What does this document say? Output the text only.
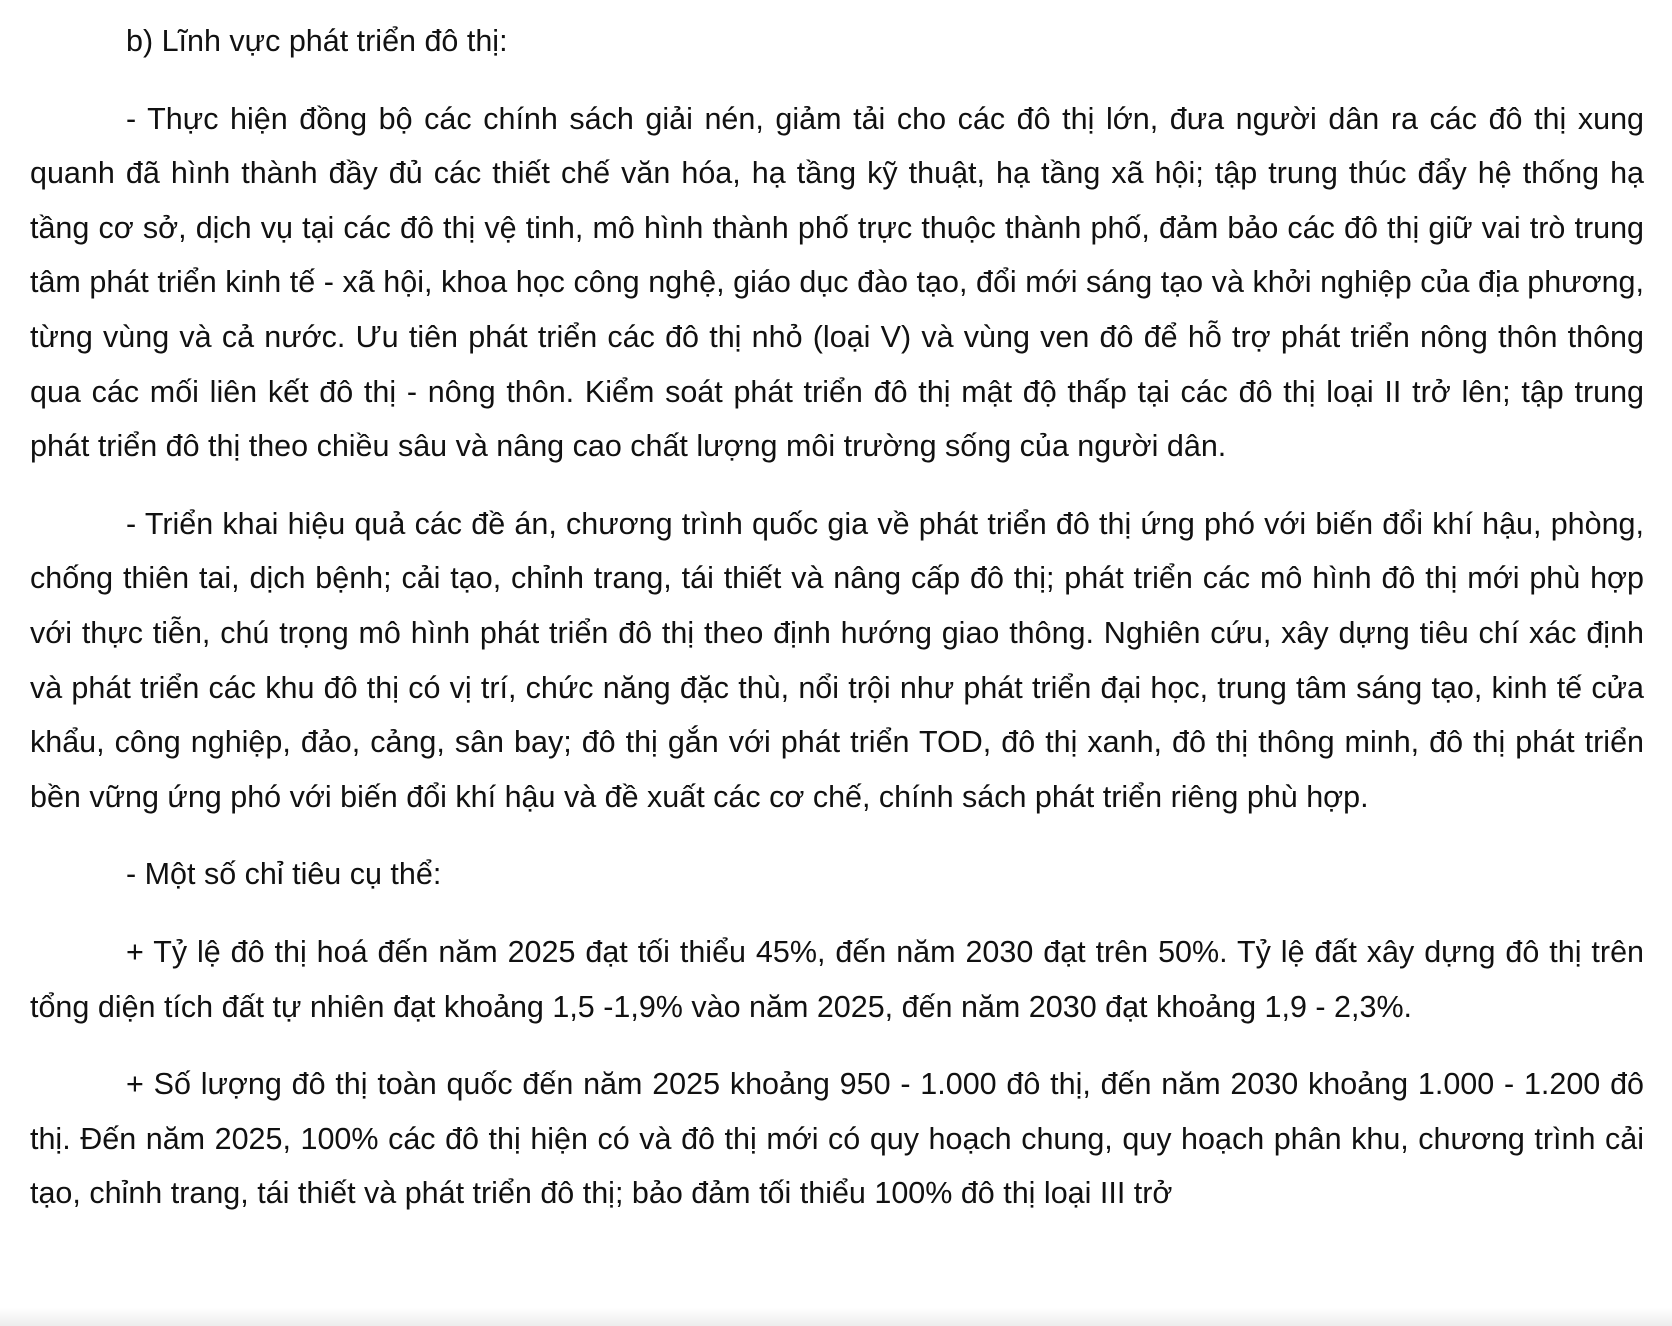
b) Lĩnh vực phát triển đô thị:

- Thực hiện đồng bộ các chính sách giải nén, giảm tải cho các đô thị lớn, đưa người dân ra các đô thị xung quanh đã hình thành đầy đủ các thiết chế văn hóa, hạ tầng kỹ thuật, hạ tầng xã hội; tập trung thúc đẩy hệ thống hạ tầng cơ sở, dịch vụ tại các đô thị vệ tinh, mô hình thành phố trực thuộc thành phố, đảm bảo các đô thị giữ vai trò trung tâm phát triển kinh tế - xã hội, khoa học công nghệ, giáo dục đào tạo, đổi mới sáng tạo và khởi nghiệp của địa phương, từng vùng và cả nước. Ưu tiên phát triển các đô thị nhỏ (loại V) và vùng ven đô để hỗ trợ phát triển nông thôn thông qua các mối liên kết đô thị - nông thôn. Kiểm soát phát triển đô thị mật độ thấp tại các đô thị loại II trở lên; tập trung phát triển đô thị theo chiều sâu và nâng cao chất lượng môi trường sống của người dân.

- Triển khai hiệu quả các đề án, chương trình quốc gia về phát triển đô thị ứng phó với biến đổi khí hậu, phòng, chống thiên tai, dịch bệnh; cải tạo, chỉnh trang, tái thiết và nâng cấp đô thị; phát triển các mô hình đô thị mới phù hợp với thực tiễn, chú trọng mô hình phát triển đô thị theo định hướng giao thông. Nghiên cứu, xây dựng tiêu chí xác định và phát triển các khu đô thị có vị trí, chức năng đặc thù, nổi trội như phát triển đại học, trung tâm sáng tạo, kinh tế cửa khẩu, công nghiệp, đảo, cảng, sân bay; đô thị gắn với phát triển TOD, đô thị xanh, đô thị thông minh, đô thị phát triển bền vững ứng phó với biến đổi khí hậu và đề xuất các cơ chế, chính sách phát triển riêng phù hợp.

- Một số chỉ tiêu cụ thể:

+ Tỷ lệ đô thị hoá đến năm 2025 đạt tối thiểu 45%, đến năm 2030 đạt trên 50%. Tỷ lệ đất xây dựng đô thị trên tổng diện tích đất tự nhiên đạt khoảng 1,5 -1,9% vào năm 2025, đến năm 2030 đạt khoảng 1,9 - 2,3%.

+ Số lượng đô thị toàn quốc đến năm 2025 khoảng 950 - 1.000 đô thị, đến năm 2030 khoảng 1.000 - 1.200 đô thị. Đến năm 2025, 100% các đô thị hiện có và đô thị mới có quy hoạch chung, quy hoạch phân khu, chương trình cải tạo, chỉnh trang, tái thiết và phát triển đô thị; bảo đảm tối thiểu 100% đô thị loại III trở
